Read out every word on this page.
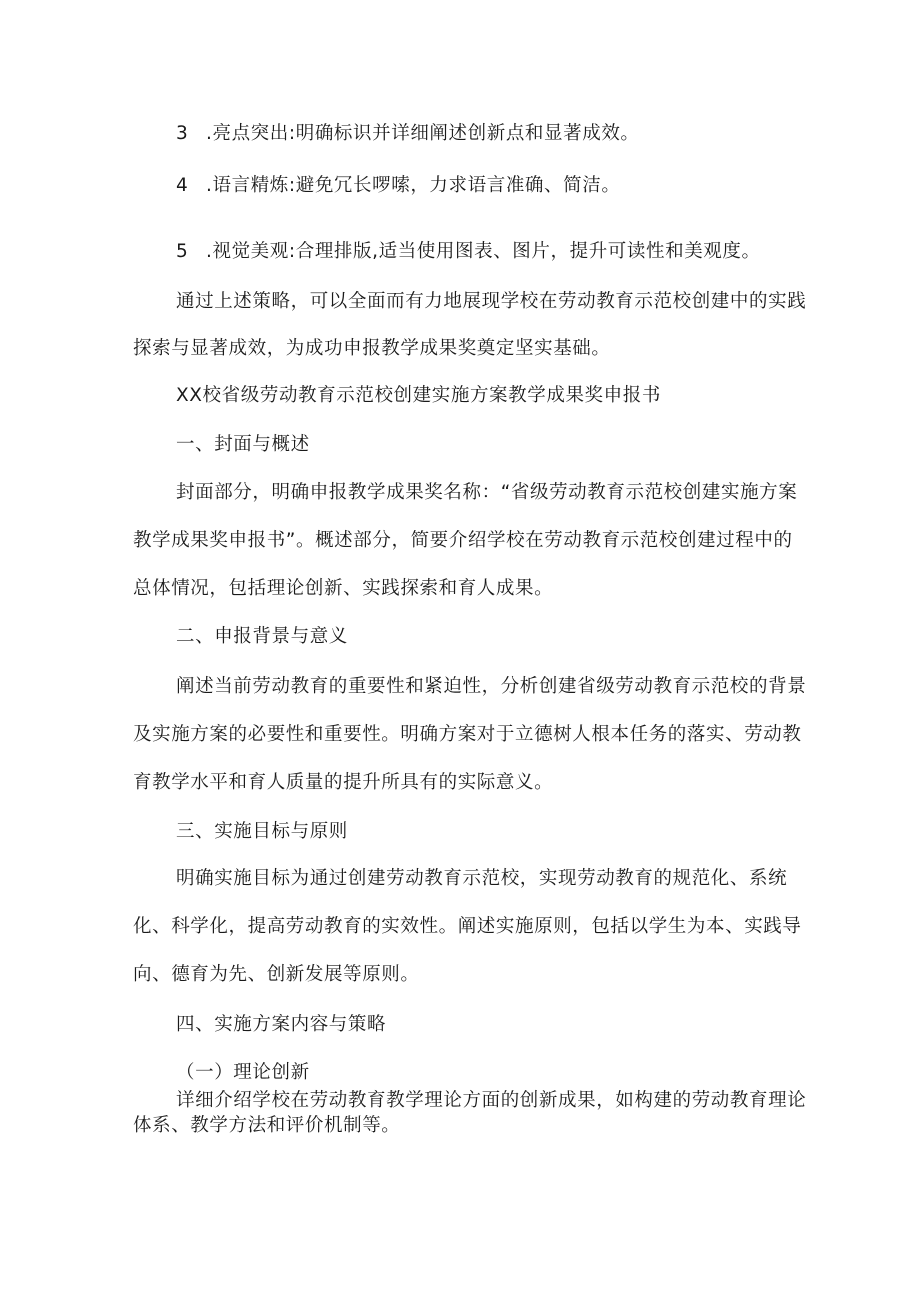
3 .亮点突出:明确标识并详细阐述创新点和显著成效。
4 .语言精炼:避免冗长啰嗦，力求语言准确、简洁。
5 .视觉美观:合理排版,适当使用图表、图片，提升可读性和美观度。
通过上述策略，可以全面而有力地展现学校在劳动教育示范校创建中的实践
探索与显著成效，为成功申报教学成果奖奠定坚实基础。
XX校省级劳动教育示范校创建实施方案教学成果奖申报书
一、封面与概述
封面部分，明确申报教学成果奖名称：“省级劳动教育示范校创建实施方案
教学成果奖申报书”。概述部分，简要介绍学校在劳动教育示范校创建过程中的
总体情况，包括理论创新、实践探索和育人成果。
二、申报背景与意义
阐述当前劳动教育的重要性和紧迫性，分析创建省级劳动教育示范校的背景
及实施方案的必要性和重要性。明确方案对于立德树人根本任务的落实、劳动教
育教学水平和育人质量的提升所具有的实际意义。
三、实施目标与原则
明确实施目标为通过创建劳动教育示范校，实现劳动教育的规范化、系统
化、科学化，提高劳动教育的实效性。阐述实施原则，包括以学生为本、实践导
向、德育为先、创新发展等原则。
四、实施方案内容与策略
（一）理论创新
详细介绍学校在劳动教育教学理论方面的创新成果，如构建的劳动教育理论
体系、教学方法和评价机制等。
